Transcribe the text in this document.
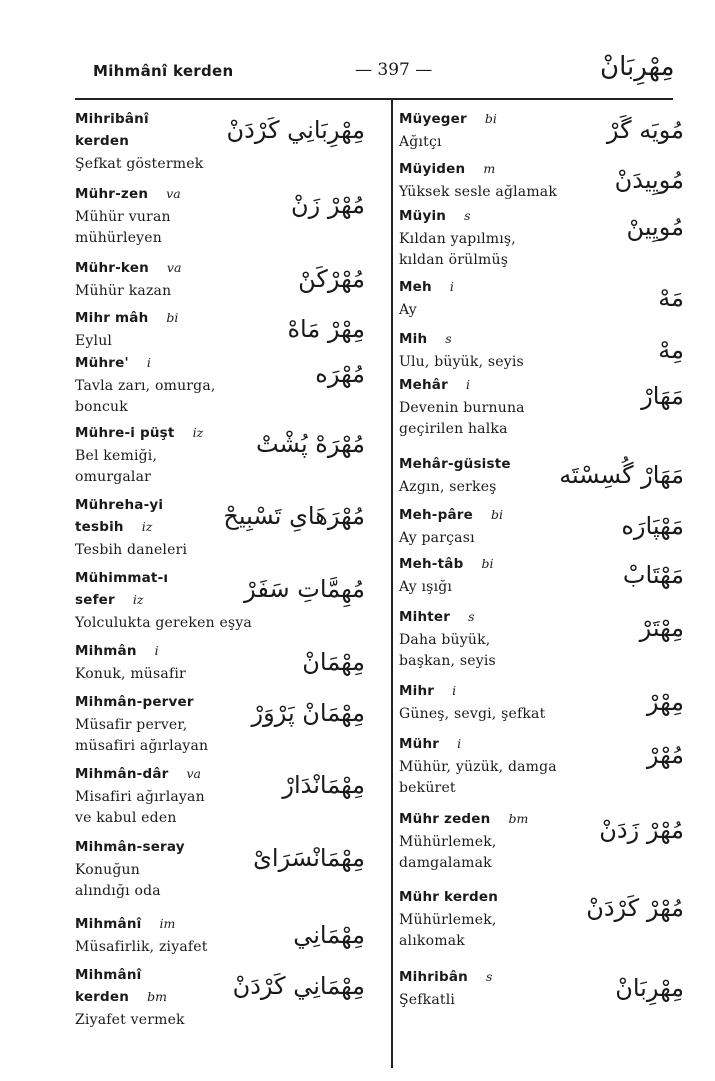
Mihmânî kerden	— 397 —	مِهْرِبَانْ
Mihribânî
kerden
Şefkat göstermek
مِهْرِبَانِي كَرْدَنْ
Mühr-zen va
Mühür vuran
mühürleyen
مُهْرْ زَنْ
Mühr-ken va
Mühür kazan	مُهْرْكَنْ
Mihr mâh bi
Eylul	مِهْرْ مَاهْ
Mühre' i
Tavla zarı, omurga,
boncuk
مُهْرَه
Mühre-i püşt iz
Bel kemiği,
omurgalar
مُهْرَهْ پُشْتْ
Mühreha-yi
tesbih iz
Tesbih daneleri
مُهْرَهَاىِ تَسْبِيحْ
Mühimmat-ı
sefer iz
Yolculukta gereken eşya
مُهِمَّاتِ سَفَرْ
Mihmân i
Konuk, müsafir	مِهْمَانْ
Mihmân-perver
Müsafir perver,
müsafiri ağırlayan
مِهْمَانْ پَرْوَرْ
Mihmân-dâr va
Misafiri ağırlayan
ve kabul eden
مِهْمَانْدَارْ
Mihmân-seray
Konuğun
alındığı oda
مِهْمَانْسَرَاىْ
Mihmânî im
Müsafirlik, ziyafet	مِهْمَانِي
Mihmânî
kerden bm
Ziyafet vermek
مِهْمَانِي كَرْدَنْ
Müyeger bi
Ağıtçı	مُويَه گَرْ
Müyiden m
Yüksek sesle ağlamak	مُويِيدَنْ
Müyin s
Kıldan yapılmış,
kıldan örülmüş
مُويِينْ
Meh i
Ay	مَهْ
Mih s
Ulu, büyük, seyis	مِهْ
Mehâr i
Devenin burnuna
geçirilen halka
مَهَارْ
Mehâr-güsiste
Azgın, serkeş	مَهَارْ گُسِسْتَه
Meh-pâre bi
Ay parçası	مَهْپَارَه
Meh-tâb bi
Ay ışığı	مَهْتَابْ
Mihter s
Daha büyük,
başkan, seyis
مِهْتَرْ
Mihr i
Güneş, sevgi, şefkat	مِهْرْ
Mühr i
Mühür, yüzük, damga
beküret
مُهْرْ
Mühr zeden bm
Mühürlemek,
damgalamak
مُهْرْ زَدَنْ
Mühr kerden
Mühürlemek,
alıkomak
مُهْرْ كَرْدَنْ
Mihribân s
Şefkatli	مِهْرِبَانْ
